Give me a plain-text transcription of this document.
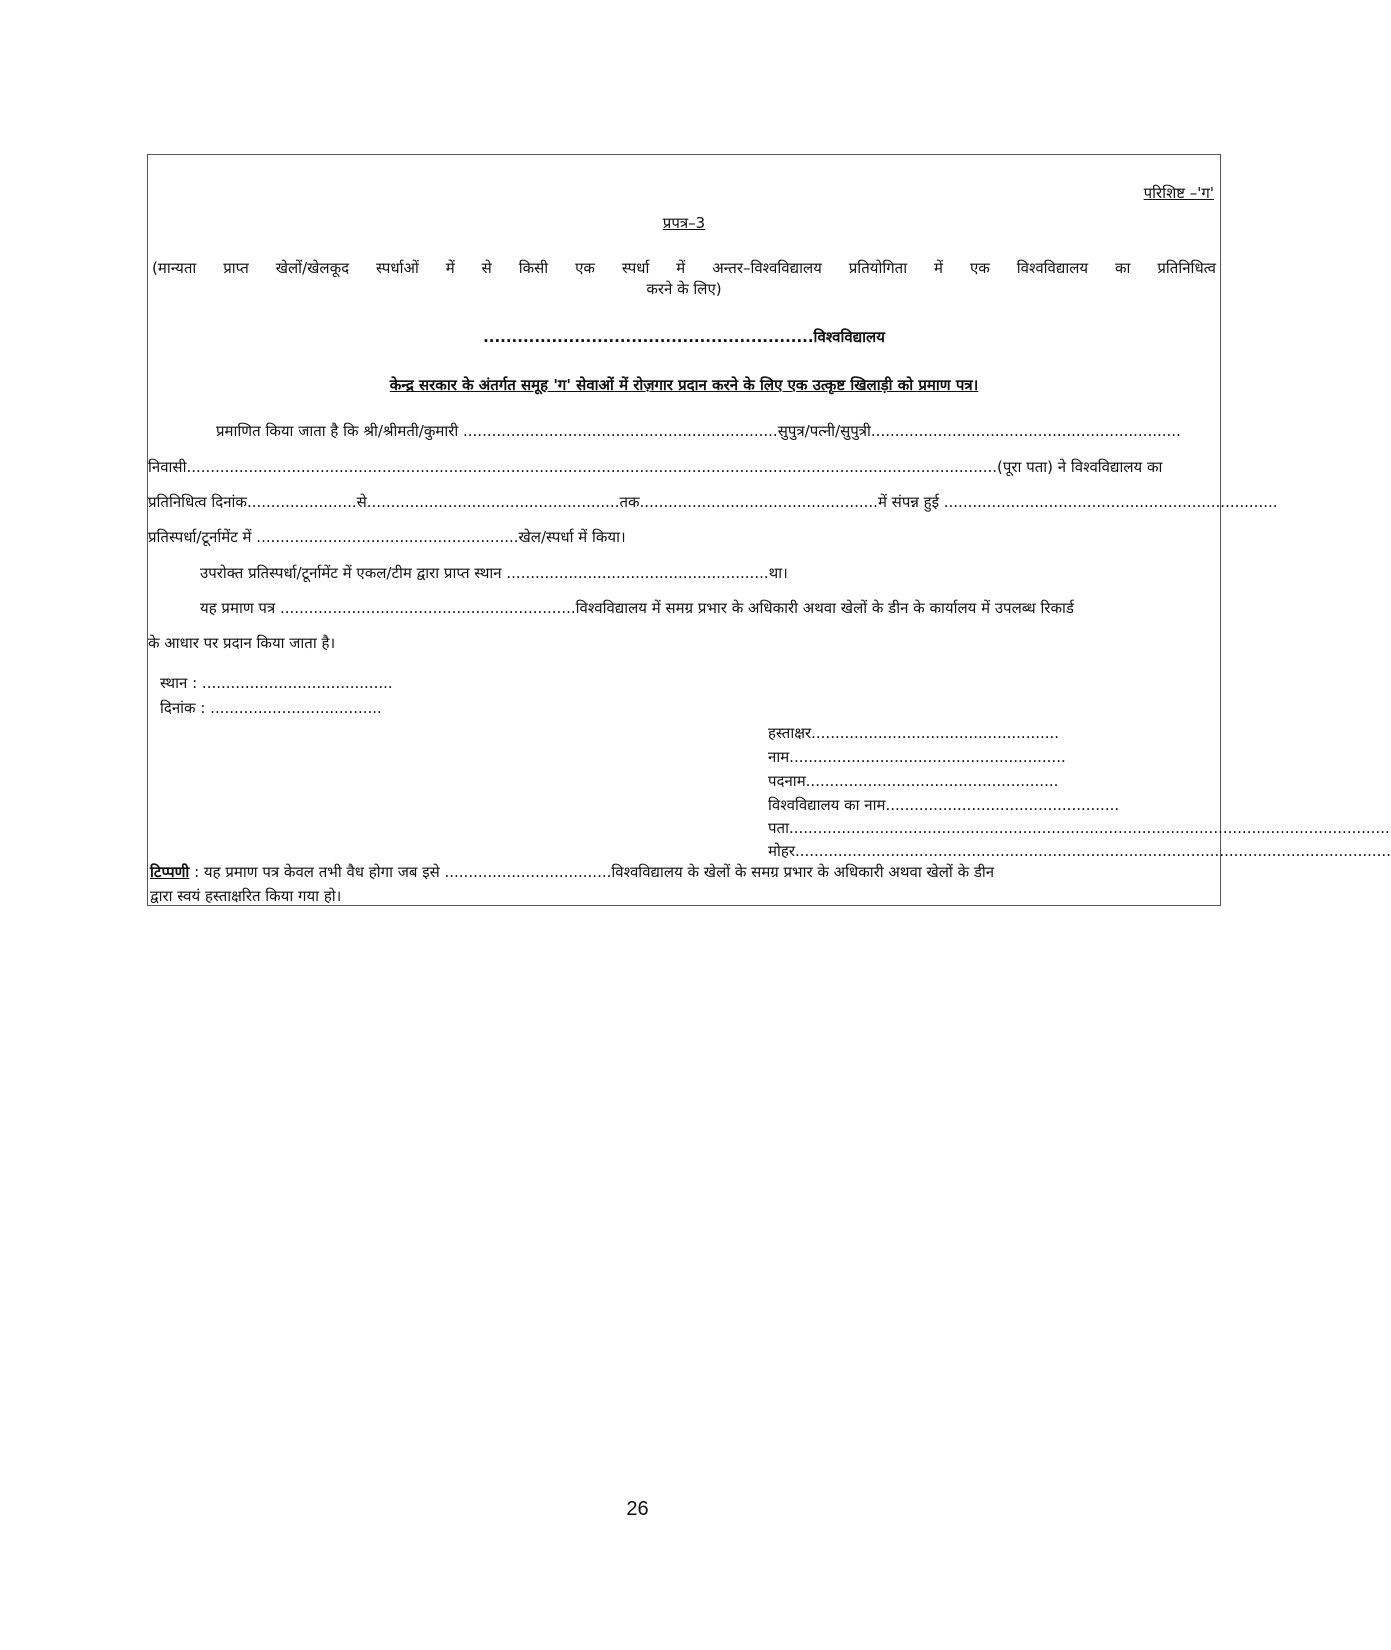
परिशिष्ट –'ग'
प्रपत्र–3
(मान्यता प्राप्त खेलों/खेलकूद स्पर्धाओं में से किसी एक स्पर्धा में अन्तर–विश्वविद्यालय प्रतियोगिता में एक विश्वविद्यालय का प्रतिनिधित्व
करने के लिए)
..........................................................विश्वविद्यालय
केन्द्र सरकार के अंतर्गत समूह 'ग' सेवाओं में रोज़गार प्रदान करने के लिए एक उत्कृष्ट खिलाड़ी को प्रमाण पत्र।
प्रमाणित किया जाता है कि श्री/श्रीमती/कुमारी ..................................................................सुपुत्र/पत्नी/सुपुत्री.................................................................
निवासी..........................................................................................................................................................................(पूरा पता) ने विश्वविद्यालय का
प्रतिनिधित्व दिनांक.......................से.....................................................तक..................................................में संपन्न हुई ......................................................................
प्रतिस्पर्धा/टूर्नामेंट में .......................................................खेल/स्पर्धा में किया।
उपरोक्त प्रतिस्पर्धा/टूर्नामेंट में एकल/टीम द्वारा प्राप्त स्थान .......................................................था।
यह प्रमाण पत्र ..............................................................विश्वविद्यालय में समग्र प्रभार के अधिकारी अथवा खेलों के डीन के कार्यालय में उपलब्ध रिकार्ड
के आधार पर प्रदान किया जाता है।
स्थान : ........................................
दिनांक : ....................................
हस्ताक्षर....................................................
नाम..........................................................
पदनाम.....................................................
विश्वविद्यालय का नाम.................................................
पता..............................................................................................................................
मोहर.............................................................................................................................
टिप्पणी : यह प्रमाण पत्र केवल तभी वैध होगा जब इसे ...................................विश्वविद्यालय के खेलों के समग्र प्रभार के अधिकारी अथवा खेलों के डीन
द्वारा स्वयं हस्ताक्षरित किया गया हो।
26
